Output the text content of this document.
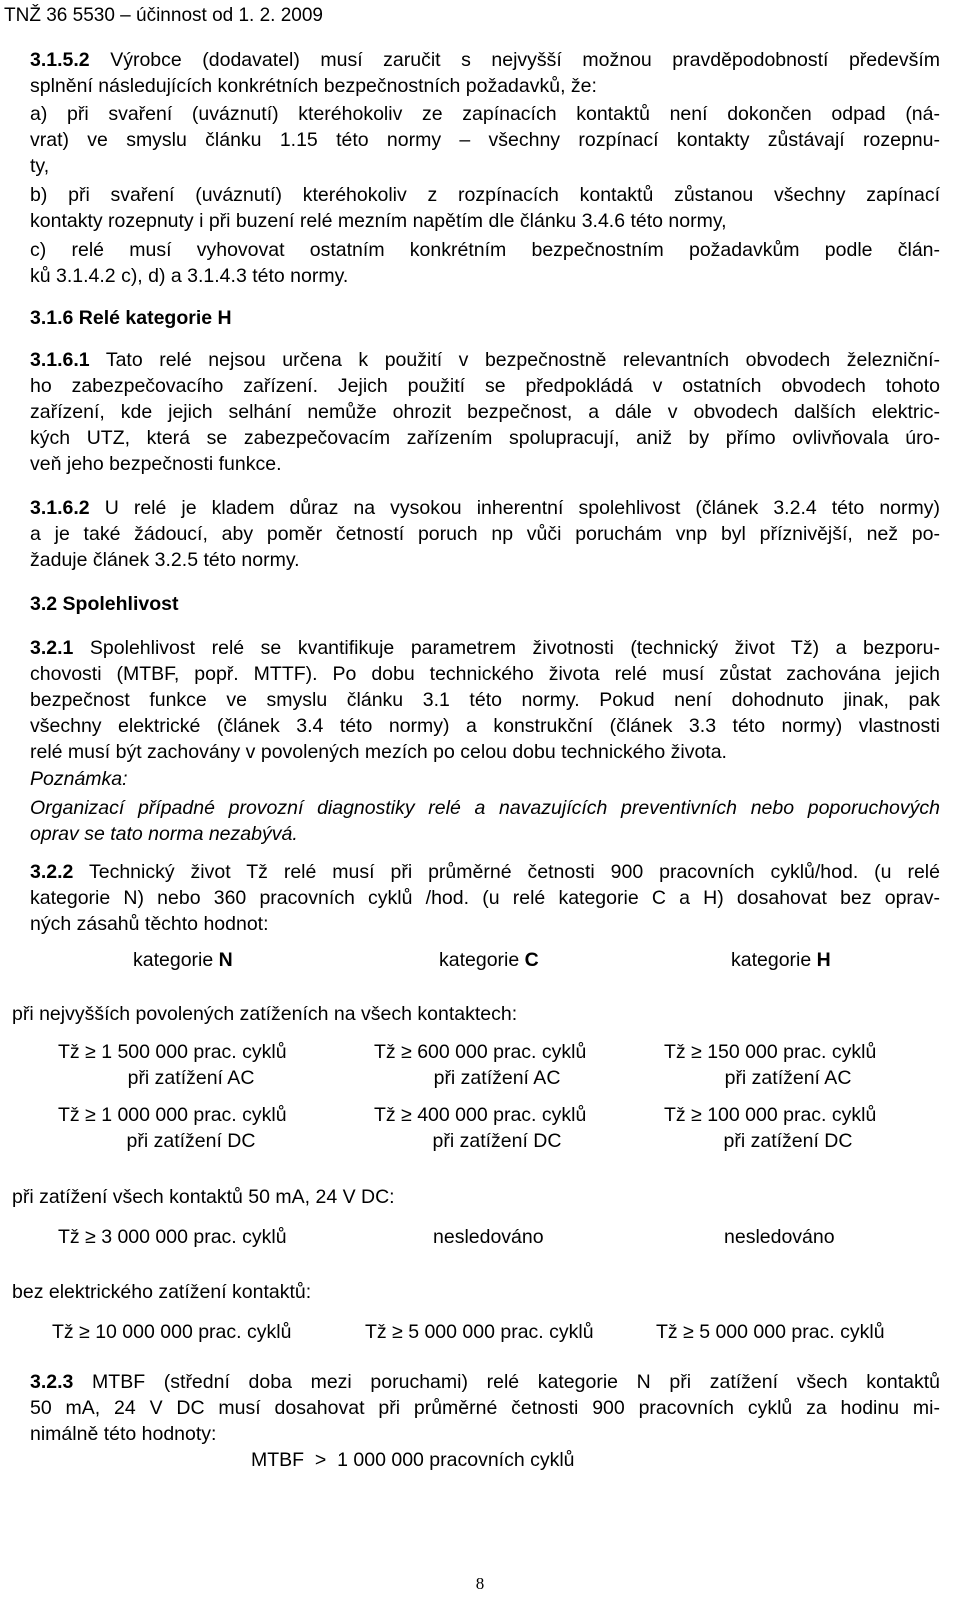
TNŽ 36 5530 – účinnost od 1. 2. 2009
3.1.5.2 Výrobce (dodavatel) musí zaručit s nejvyšší možnou pravděpodobností především
splnění následujících konkrétních bezpečnostních požadavků, že:
a) při svaření (uváznutí) kteréhokoliv ze zapínacích kontaktů není dokončen odpad (ná-
vrat) ve smyslu článku 1.15 této normy – všechny rozpínací kontakty zůstávají rozepnu-
ty,
b) při svaření (uváznutí) kteréhokoliv z rozpínacích kontaktů zůstanou všechny zapínací
kontakty rozepnuty i při buzení relé mezním napětím dle článku 3.4.6 této normy,
c) relé musí vyhovovat ostatním konkrétním bezpečnostním požadavkům podle člán-
ků 3.1.4.2 c), d) a 3.1.4.3 této normy.
3.1.6 Relé kategorie H
3.1.6.1 Tato relé nejsou určena k použití v bezpečnostně relevantních obvodech železniční-
ho zabezpečovacího zařízení. Jejich použití se předpokládá v ostatních obvodech tohoto
zařízení, kde jejich selhání nemůže ohrozit bezpečnost, a dále v obvodech dalších elektric-
kých UTZ, která se zabezpečovacím zařízením spolupracují, aniž by přímo ovlivňovala úro-
veň jeho bezpečnosti funkce.
3.1.6.2 U relé je kladem důraz na vysokou inherentní spolehlivost (článek 3.2.4 této normy)
a je také žádoucí, aby poměr četností poruch np vůči poruchám vnp byl příznivější, než po-
žaduje článek 3.2.5 této normy.
3.2 Spolehlivost
3.2.1 Spolehlivost relé se kvantifikuje parametrem životnosti (technický život Tž) a bezporu-
chovosti (MTBF, popř. MTTF). Po dobu technického života relé musí zůstat zachována jejich
bezpečnost funkce ve smyslu článku 3.1 této normy. Pokud není dohodnuto jinak, pak
všechny elektrické (článek 3.4 této normy) a konstrukční (článek 3.3 této normy) vlastnosti
relé musí být zachovány v povolených mezích po celou dobu technického života.
Poznámka:
Organizací případné provozní diagnostiky relé a navazujících preventivních nebo poporuchových
oprav se tato norma nezabývá.
3.2.2 Technický život Tž relé musí při průměrné četnosti 900 pracovních cyklů/hod. (u relé
kategorie N) nebo 360 pracovních cyklů /hod. (u relé kategorie C a H) dosahovat bez oprav-
ných zásahů těchto hodnot:
kategorie N	kategorie C	kategorie H
při nejvyšších povolených zatíženích na všech kontaktech:
Tž ≥ 1 500 000 prac. cyklů	Tž ≥ 600 000 prac. cyklů	Tž ≥ 150 000 prac. cyklů
při zatížení AC	při zatížení AC	při zatížení AC
Tž ≥ 1 000 000 prac. cyklů	Tž ≥ 400 000 prac. cyklů	Tž ≥ 100 000 prac. cyklů
při zatížení DC	při zatížení DC	při zatížení DC
při zatížení všech kontaktů 50 mA, 24 V DC:
Tž ≥ 3 000 000 prac. cyklů	nesledováno	nesledováno
bez elektrického zatížení kontaktů:
Tž ≥ 10 000 000 prac. cyklů	Tž ≥ 5 000 000 prac. cyklů	Tž ≥ 5 000 000 prac. cyklů
3.2.3 MTBF (střední doba mezi poruchami) relé kategorie N při zatížení všech kontaktů
50 mA, 24 V DC musí dosahovat při průměrné četnosti 900 pracovních cyklů za hodinu mi-
nimálně této hodnoty:
MTBF  >  1 000 000 pracovních cyklů
8
